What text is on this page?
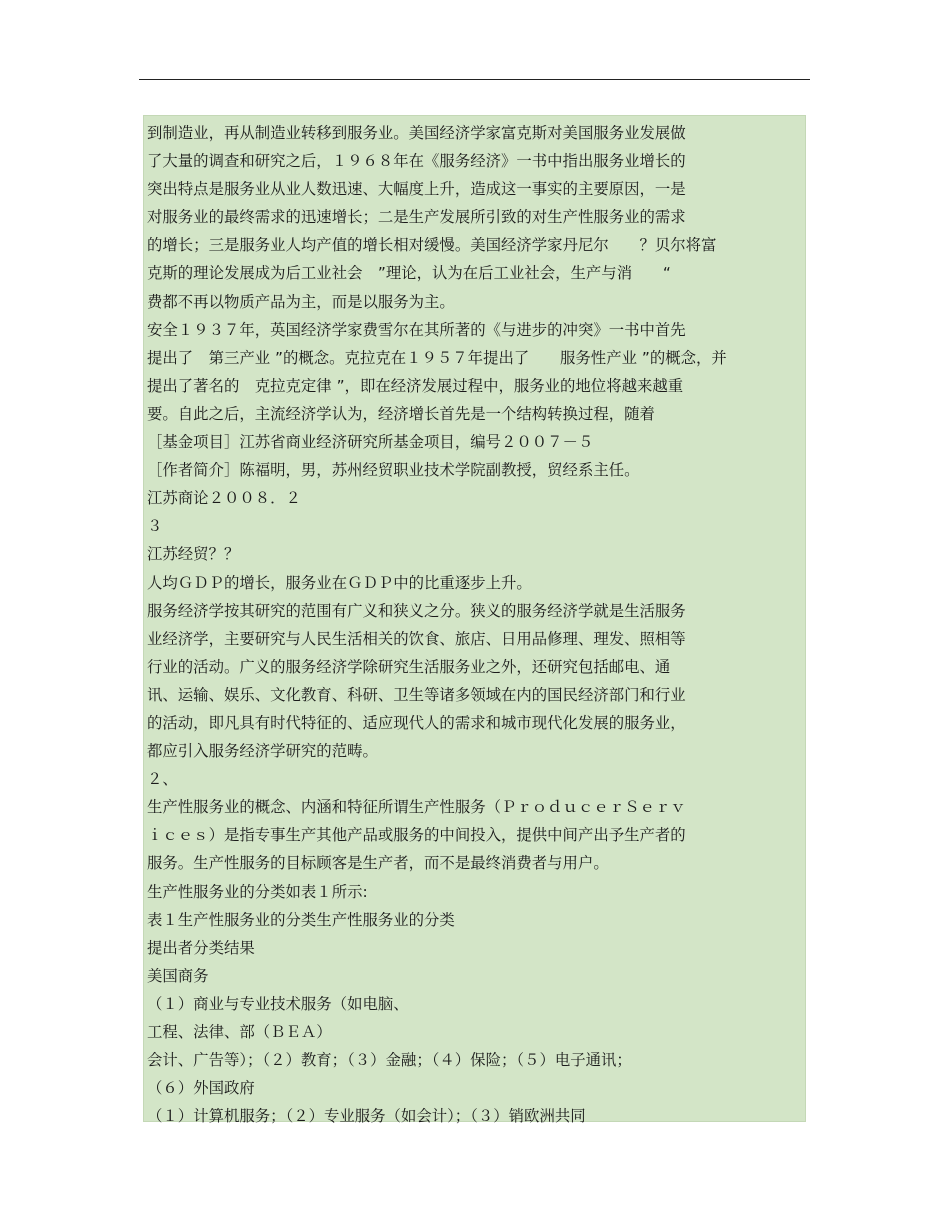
到制造业，再从制造业转移到服务业。美国经济学家富克斯对美国服务业发展做
了大量的调查和研究之后，１９６８年在《服务经济》一书中指出服务业增长的
突出特点是服务业从业人数迅速、大幅度上升，造成这一事实的主要原因，一是
对服务业的最终需求的迅速增长；二是生产发展所引致的对生产性服务业的需求
的增长；三是服务业人均产值的增长相对缓慢。美国经济学家丹尼尔　　？贝尔将富
克斯的理论发展成为后工业社会　”理论，认为在后工业社会，生产与消　　“
费都不再以物质产品为主，而是以服务为主。
安全１９３７年，英国经济学家费雪尔在其所著的《与进步的冲突》一书中首先
提出了　第三产业 ”的概念。克拉克在１９５７年提出了　　服务性产业 ”的概念，并
提出了著名的　克拉克定律 ”，即在经济发展过程中，服务业的地位将越来越重
要。自此之后，主流经济学认为，经济增长首先是一个结构转换过程，随着
［基金项目］江苏省商业经济研究所基金项目，编号２００７－５
［作者简介］陈福明，男，苏州经贸职业技术学院副教授，贸经系主任。
江苏商论２００８．２
３
江苏经贸？？
人均ＧＤＰ的增长，服务业在ＧＤＰ中的比重逐步上升。
服务经济学按其研究的范围有广义和狭义之分。狭义的服务经济学就是生活服务
业经济学，主要研究与人民生活相关的饮食、旅店、日用品修理、理发、照相等
行业的活动。广义的服务经济学除研究生活服务业之外，还研究包括邮电、通
讯、运输、娱乐、文化教育、科研、卫生等诸多领域在内的国民经济部门和行业
的活动，即凡具有时代特征的、适应现代人的需求和城市现代化发展的服务业，
都应引入服务经济学研究的范畴。
２、
生产性服务业的概念、内涵和特征所谓生产性服务（ＰｒｏｄｕｃｅｒＳｅｒｖ
ｉｃｅｓ）是指专事生产其他产品或服务的中间投入，提供中间产出予生产者的
服务。生产性服务的目标顾客是生产者，而不是最终消费者与用户。
生产性服务业的分类如表１所示:
表１生产性服务业的分类生产性服务业的分类
提出者分类结果
美国商务
（１）商业与专业技术服务（如电脑、
工程、法律、部（ＢＥＡ）
会计、广告等）；（２）教育；（３）金融；（４）保险；（５）电子通讯；
（６）外国政府
（１）计算机服务；（２）专业服务（如会计）；（３）销欧洲共同
